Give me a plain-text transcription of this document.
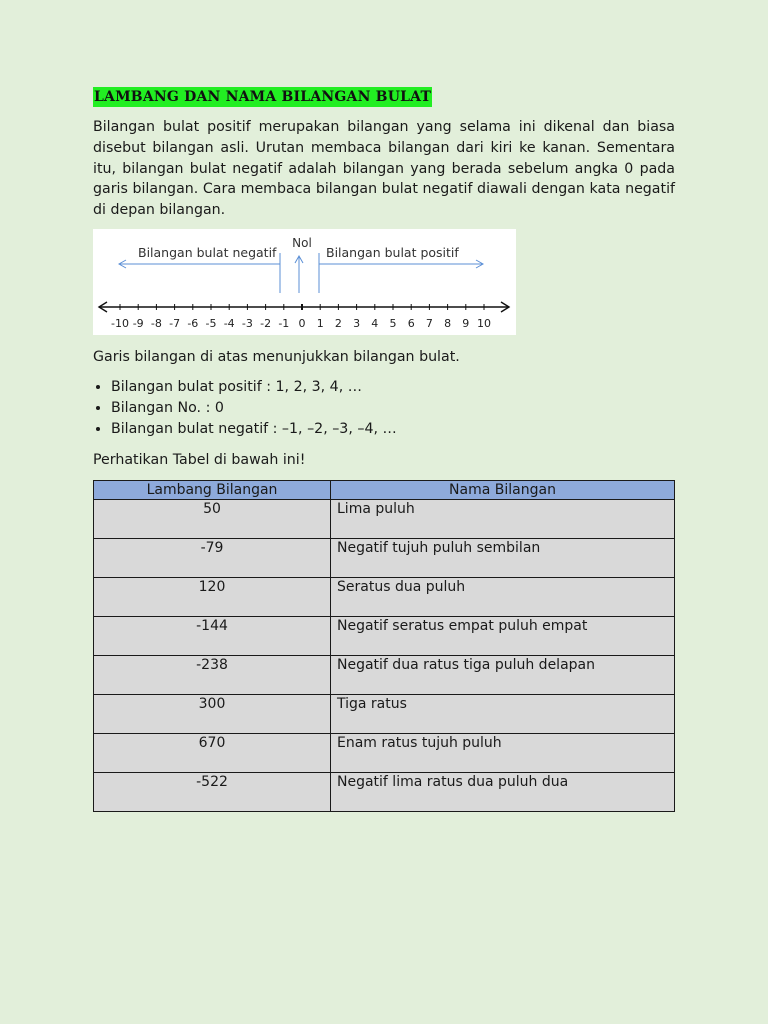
LAMBANG DAN NAMA BILANGAN BULAT

Bilangan bulat positif merupakan bilangan yang selama ini dikenal dan biasa disebut bilangan asli. Urutan membaca bilangan dari kiri ke kanan. Sementara itu, bilangan bulat negatif adalah bilangan yang berada sebelum angka 0 pada garis bilangan. Cara membaca bilangan bulat negatif diawali dengan kata negatif di depan bilangan.

Bilangan bulat negatif	Bilangan bulat positif
Nol
-10 -9 -8 -7 -6 -5 -4 -3 -2 -1 0 1 2 3 4 5 6 7 8 9 10

Garis bilangan di atas menunjukkan bilangan bulat.

• Bilangan bulat positif : 1, 2, 3, 4, …
• Bilangan No. : 0
• Bilangan bulat negatif : –1, –2, –3, –4, …

Perhatikan Tabel di bawah ini!

Lambang Bilangan	Nama Bilangan
50	Lima puluh
-79	Negatif tujuh puluh sembilan
120	Seratus dua puluh
-144	Negatif seratus empat puluh empat
-238	Negatif dua ratus tiga puluh delapan
300	Tiga ratus
670	Enam ratus tujuh puluh
-522	Negatif lima ratus dua puluh dua
